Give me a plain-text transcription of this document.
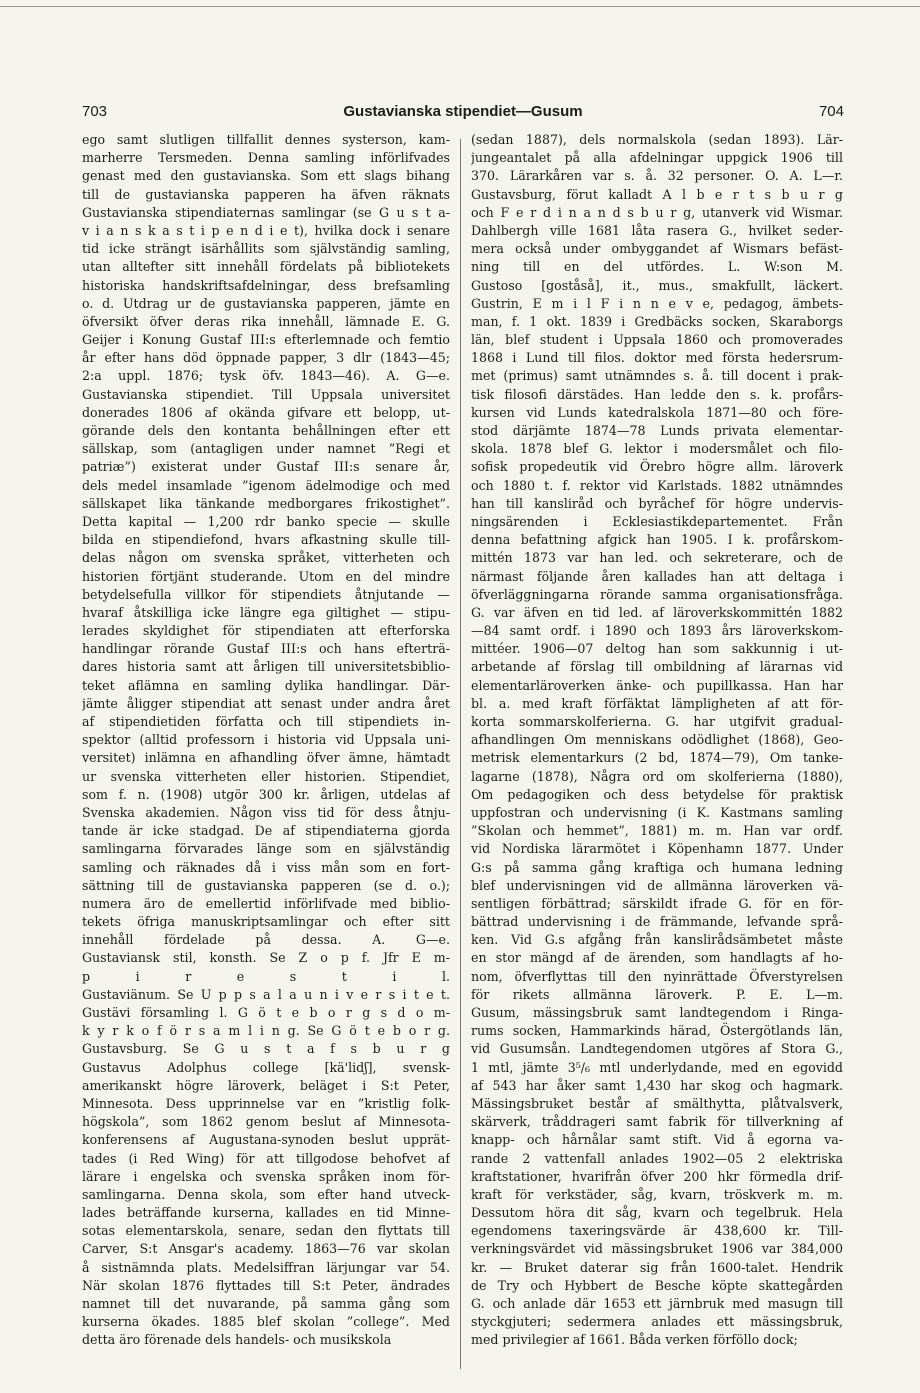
703	Gustavianska stipendiet—Gusum	704
ego samt slutligen tillfallit dennes systerson, kam-
marherre Tersmeden. Denna samling införlifvades
genast med den gustavianska. Som ett slags bihang
till de gustavianska papperen ha äfven räknats
Gustavianska stipendiaternas samlingar (se G u s t a-
v i a n s k a s t i p e n d i e t), hvilka dock i senare
tid icke strängt isärhållits som självständig samling,
utan alltefter sitt innehåll fördelats på bibliotekets
historiska handskriftsafdelningar, dess brefsamling
o. d. Utdrag ur de gustavianska papperen, jämte en
öfversikt öfver deras rika innehåll, lämnade E. G.
Geijer i Konung Gustaf III:s efterlemnade och femtio
år efter hans död öppnade papper, 3 dlr (1843—45;
2:a uppl. 1876; tysk öfv. 1843—46). A. G—e.
Gustavianska stipendiet. Till Uppsala universitet
donerades 1806 af okända gifvare ett belopp, ut-
görande dels den kontanta behållningen efter ett
sällskap, som (antagligen under namnet ”Regi et
patriæ”) existerat under Gustaf III:s senare år,
dels medel insamlade ”igenom ädelmodige och med
sällskapet lika tänkande medborgares frikostighet”.
Detta kapital — 1,200 rdr banko specie — skulle
bilda en stipendiefond, hvars afkastning skulle till-
delas någon om svenska språket, vitterheten och
historien förtjänt studerande. Utom en del mindre
betydelsefulla villkor för stipendiets åtnjutande —
hvaraf åtskilliga icke längre ega giltighet — stipu-
lerades skyldighet för stipendiaten att efterforska
handlingar rörande Gustaf III:s och hans efterträ-
dares historia samt att årligen till universitetsbiblio-
teket aflämna en samling dylika handlingar. Där-
jämte åligger stipendiat att senast under andra året
af stipendietiden författa och till stipendiets in-
spektor (alltid professorn i historia vid Uppsala uni-
versitet) inlämna en afhandling öfver ämne, hämtadt
ur svenska vitterheten eller historien. Stipendiet,
som f. n. (1908) utgör 300 kr. årligen, utdelas af
Svenska akademien. Någon viss tid för dess åtnju-
tande är icke stadgad. De af stipendiaterna gjorda
samlingarna förvarades länge som en självständig
samling och räknades då i viss mån som en fort-
sättning till de gustavianska papperen (se d. o.);
numera äro de emellertid införlifvade med biblio-
tekets öfriga manuskriptsamlingar och efter sitt
innehåll fördelade på dessa. A. G—e.
Gustaviansk stil, konsth. Se Z o p f. Jfr E m-
p i r e s t i l.
Gustaviänum. Se U p p s a l a u n i v e r s i t e t.
Gustävi församling l. G ö t e b o r g s d o m-
k y r k o f ö r s a m l i n g. Se G ö t e b o r g.
Gustavsburg. Se G u s t a f s b u r g
Gustavus Adolphus college [kä'lidʃ], svensk-
amerikanskt högre läroverk, beläget i S:t Peter,
Minnesota. Dess upprinnelse var en ”kristlig folk-
högskola”, som 1862 genom beslut af Minnesota-
konferensens af Augustana-synoden beslut upprät-
tades (i Red Wing) för att tillgodose behofvet af
lärare i engelska och svenska språken inom för-
samlingarna. Denna skola, som efter hand utveck-
lades beträffande kurserna, kallades en tid Minne-
sotas elementarskola, senare, sedan den flyttats till
Carver, S:t Ansgar's academy. 1863—76 var skolan
å sistnämnda plats. Medelsiffran lärjungar var 54.
När skolan 1876 flyttades till S:t Peter, ändrades
namnet till det nuvarande, på samma gång som
kurserna ökades. 1885 blef skolan ”college”. Med
detta äro förenade dels handels- och musikskola
(sedan 1887), dels normalskola (sedan 1893). Lär-
jungeantalet på alla afdelningar uppgick 1906 till
370. Lärarkåren var s. å. 32 personer. O. A. L—r.
Gustavsburg, förut kalladt A l b e r t s b u r g
och F e r d i n a n d s b u r g, utanverk vid Wismar.
Dahlbergh ville 1681 låta rasera G., hvilket seder-
mera också under ombyggandet af Wismars befäst-
ning till en del utfördes. L. W:son M.
Gustoso [goståså], it., mus., smakfullt, läckert.
Gustrin, E m i l F i n n e v e, pedagog, ämbets-
man, f. 1 okt. 1839 i Gredbäcks socken, Skaraborgs
län, blef student i Uppsala 1860 och promoverades
1868 i Lund till filos. doktor med första hedersrum-
met (primus) samt utnämndes s. å. till docent i prak-
tisk filosofi därstädes. Han ledde den s. k. profårs-
kursen vid Lunds katedralskola 1871—80 och före-
stod därjämte 1874—78 Lunds privata elementar-
skola. 1878 blef G. lektor i modersmålet och filo-
sofisk propedeutik vid Örebro högre allm. läroverk
och 1880 t. f. rektor vid Karlstads. 1882 utnämndes
han till kansliråd och byråchef för högre undervis-
ningsärenden i Ecklesiastikdepartementet. Från
denna befattning afgick han 1905. I k. profårskom-
mittén 1873 var han led. och sekreterare, och de
närmast följande åren kallades han att deltaga i
öfverläggningarna rörande samma organisationsfråga.
G. var äfven en tid led. af läroverkskommittén 1882
—84 samt ordf. i 1890 och 1893 års läroverkskom-
mittéer. 1906—07 deltog han som sakkunnig i ut-
arbetande af förslag till ombildning af lärarnas vid
elementarläroverken änke- och pupillkassa. Han har
bl. a. med kraft förfäktat lämpligheten af att för-
korta sommarskolferierna. G. har utgifvit gradual-
afhandlingen Om menniskans odödlighet (1868), Geo-
metrisk elementarkurs (2 bd, 1874—79), Om tanke-
lagarne (1878), Några ord om skolferierna (1880),
Om pedagogiken och dess betydelse för praktisk
uppfostran och undervisning (i K. Kastmans samling
”Skolan och hemmet”, 1881) m. m. Han var ordf.
vid Nordiska lärarmötet i Köpenhamn 1877. Under
G:s på samma gång kraftiga och humana ledning
blef undervisningen vid de allmänna läroverken vä-
sentligen förbättrad; särskildt ifrade G. för en för-
bättrad undervisning i de främmande, lefvande språ-
ken. Vid G.s afgång från kanslirådsämbetet måste
en stor mängd af de ärenden, som handlagts af ho-
nom, öfverflyttas till den nyinrättade Öfverstyrelsen
för rikets allmänna läroverk. P. E. L—m.
Gusum, mässingsbruk samt landtegendom i Ringa-
rums socken, Hammarkinds härad, Östergötlands län,
vid Gusumsån. Landtegendomen utgöres af Stora G.,
1 mtl, jämte 3⁵/₆ mtl underlydande, med en egovidd
af 543 har åker samt 1,430 har skog och hagmark.
Mässingsbruket består af smälthytta, plåtvalsverk,
skärverk, tråddrageri samt fabrik för tillverkning af
knapp- och hårnålar samt stift. Vid å egorna va-
rande 2 vattenfall anlades 1902—05 2 elektriska
kraftstationer, hvarifrån öfver 200 hkr förmedla drif-
kraft för verkstäder, såg, kvarn, tröskverk m. m.
Dessutom höra dit såg, kvarn och tegelbruk. Hela
egendomens taxeringsvärde är 438,600 kr. Till-
verkningsvärdet vid mässingsbruket 1906 var 384,000
kr. — Bruket daterar sig från 1600-talet. Hendrik
de Try och Hybbert de Besche köpte skattegården
G. och anlade där 1653 ett järnbruk med masugn till
styckgjuteri; sedermera anlades ett mässingsbruk,
med privilegier af 1661. Båda verken förföllo dock;
